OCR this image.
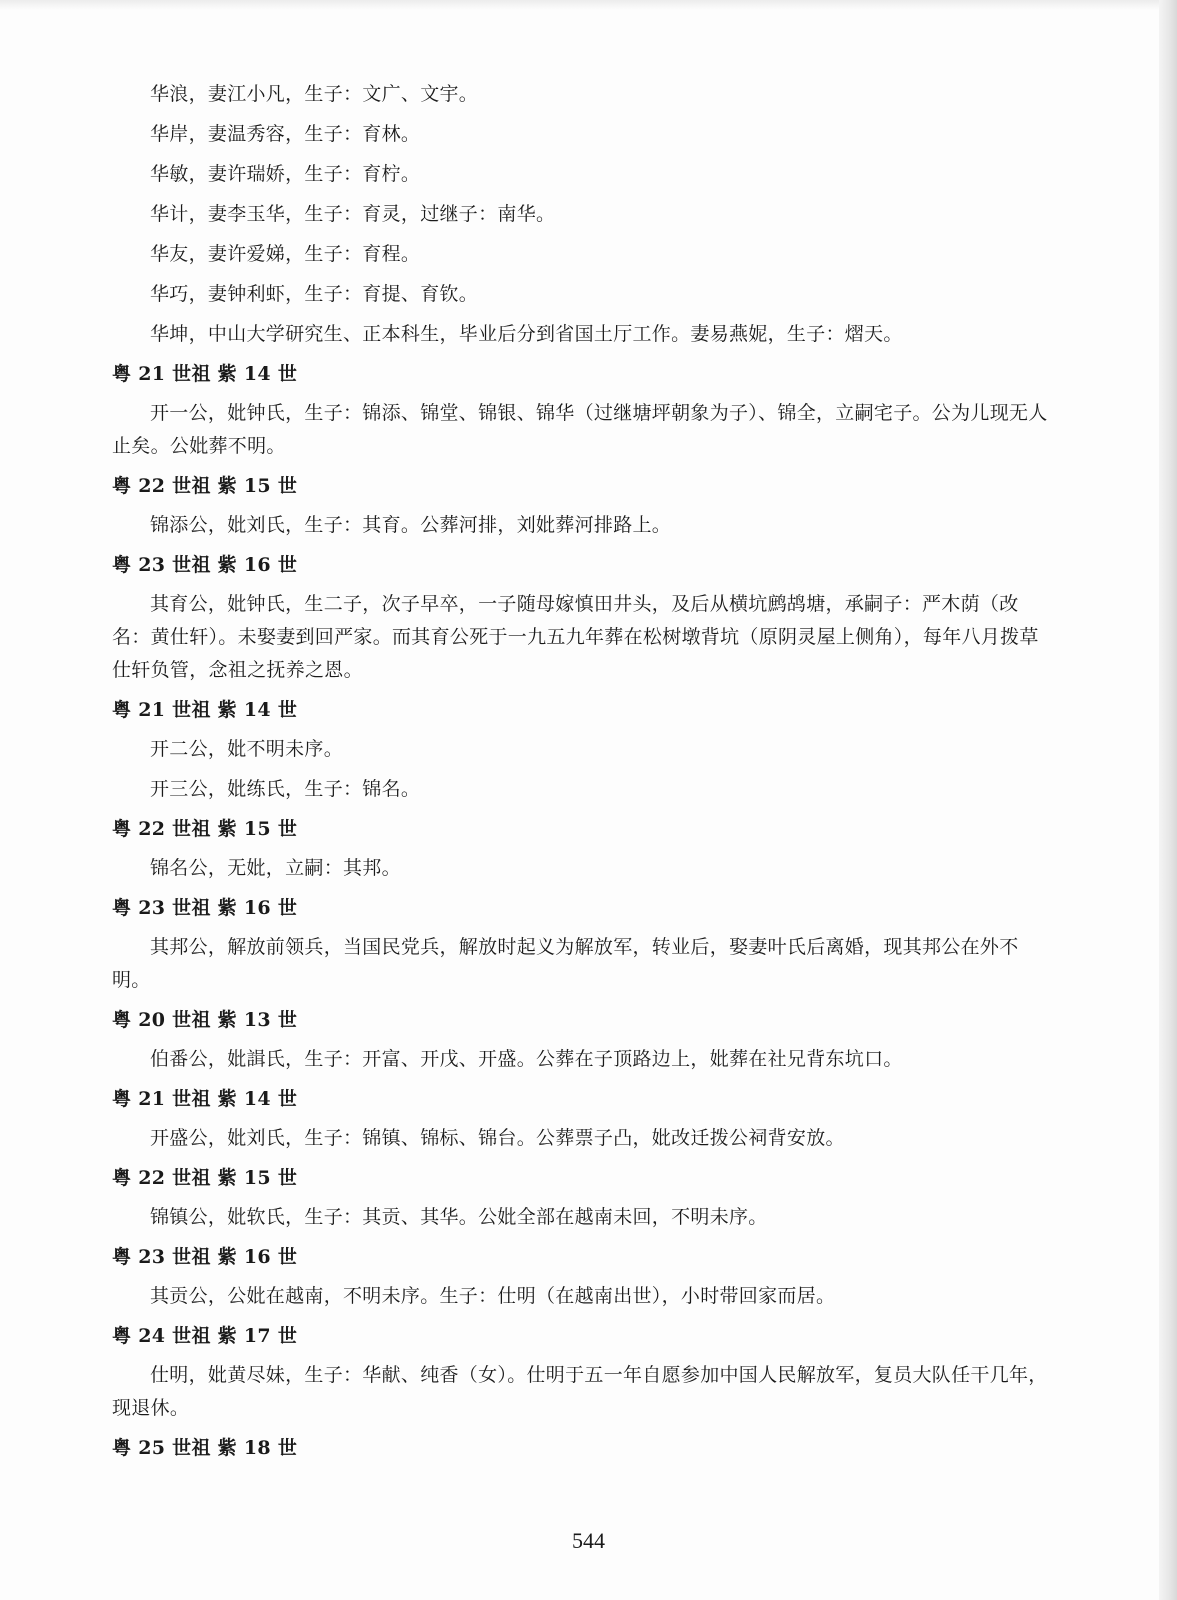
华浪，妻江小凡，生子：文广、文宇。
华岸，妻温秀容，生子：育林。
华敏，妻许瑞娇，生子：育柠。
华计，妻李玉华，生子：育灵，过继子：南华。
华友，妻许爱娣，生子：育程。
华巧，妻钟利虾，生子：育提、育钦。
华坤，中山大学研究生、正本科生，毕业后分到省国土厅工作。妻易燕妮，生子：熠天。
粤 21 世祖 紫 14 世
开一公，妣钟氏，生子：锦添、锦堂、锦银、锦华（过继塘坪朝象为子）、锦全，立嗣宅子。公为儿现无人止矣。公妣葬不明。
粤 22 世祖 紫 15 世
锦添公，妣刘氏，生子：其育。公葬河排，刘妣葬河排路上。
粤 23 世祖 紫 16 世
其育公，妣钟氏，生二子，次子早卒，一子随母嫁慎田井头，及后从横坑鹧鸪塘，承嗣子：严木荫（改名：黄仕轩）。未娶妻到回严家。而其育公死于一九五九年葬在松树墩背坑（原阴灵屋上侧角），每年八月拨草仕轩负管，念祖之抚养之恩。
粤 21 世祖 紫 14 世
开二公，妣不明未序。
开三公，妣练氏，生子：锦名。
粤 22 世祖 紫 15 世
锦名公，无妣，立嗣：其邦。
粤 23 世祖 紫 16 世
其邦公，解放前领兵，当国民党兵，解放时起义为解放军，转业后，娶妻叶氏后离婚，现其邦公在外不明。
粤 20 世祖 紫 13 世
伯番公，妣諿氏，生子：开富、开戊、开盛。公葬在子顶路边上，妣葬在社兄背东坑口。
粤 21 世祖 紫 14 世
开盛公，妣刘氏，生子：锦镇、锦标、锦台。公葬票子凸，妣改迁拨公祠背安放。
粤 22 世祖 紫 15 世
锦镇公，妣软氏，生子：其贡、其华。公妣全部在越南未回，不明未序。
粤 23 世祖 紫 16 世
其贡公，公妣在越南，不明未序。生子：仕明（在越南出世），小时带回家而居。
粤 24 世祖 紫 17 世
仕明，妣黄尽妹，生子：华献、纯香（女）。仕明于五一年自愿参加中国人民解放军，复员大队任干几年，现退休。
粤 25 世祖 紫 18 世
544
